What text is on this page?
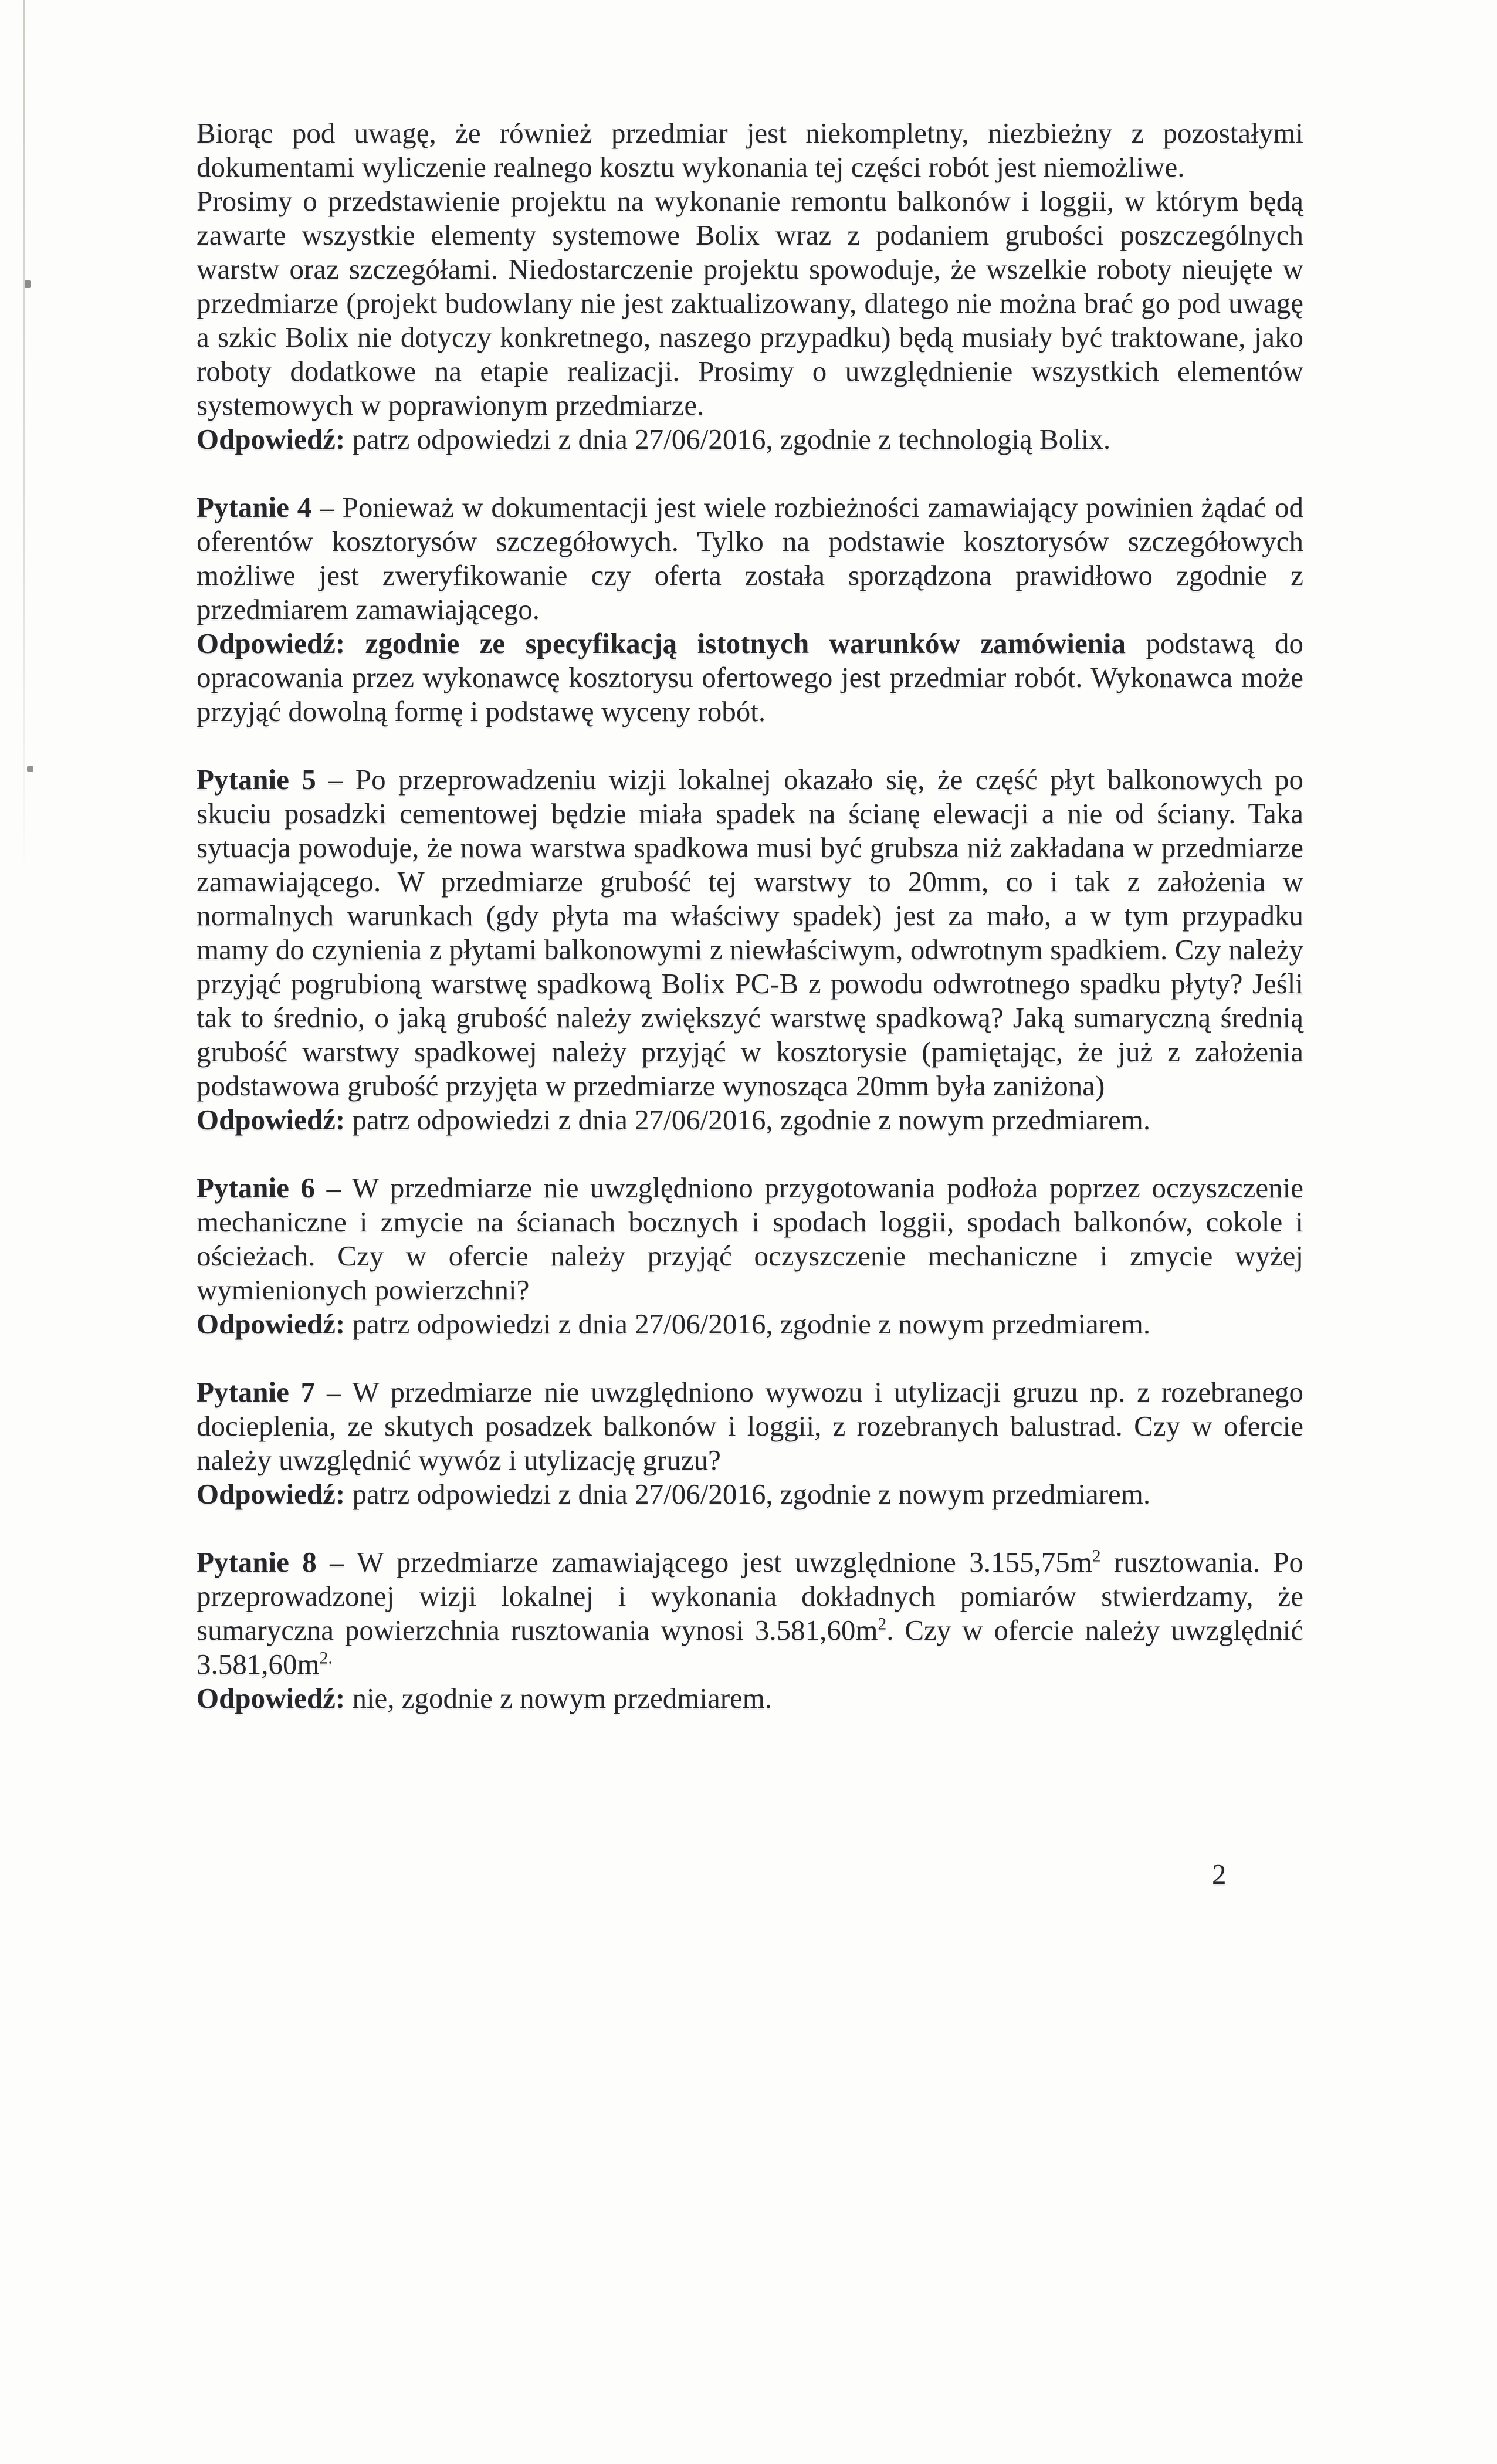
Biorąc pod uwagę, że również przedmiar jest niekompletny, niezbieżny z pozostałymi dokumentami wyliczenie realnego kosztu wykonania tej części robót jest niemożliwe.

Prosimy o przedstawienie projektu na wykonanie remontu balkonów i loggii, w którym będą zawarte wszystkie elementy systemowe Bolix wraz z podaniem grubości poszczególnych warstw oraz szczegółami. Niedostarczenie projektu spowoduje, że wszelkie roboty nieujęte w przedmiarze (projekt budowlany nie jest zaktualizowany, dlatego nie można brać go pod uwagę a szkic Bolix nie dotyczy konkretnego, naszego przypadku) będą musiały być traktowane, jako roboty dodatkowe na etapie realizacji. Prosimy o uwzględnienie wszystkich elementów systemowych w poprawionym przedmiarze.

Odpowiedź: patrz odpowiedzi z dnia 27/06/2016, zgodnie z technologią Bolix.

Pytanie 4 – Ponieważ w dokumentacji jest wiele rozbieżności zamawiający powinien żądać od oferentów kosztorysów szczegółowych. Tylko na podstawie kosztorysów szczegółowych możliwe jest zweryfikowanie czy oferta została sporządzona prawidłowo zgodnie z przedmiarem zamawiającego.

Odpowiedź: zgodnie ze specyfikacją istotnych warunków zamówienia podstawą do opracowania przez wykonawcę kosztorysu ofertowego jest przedmiar robót. Wykonawca może przyjąć dowolną formę i podstawę wyceny robót.

Pytanie 5 – Po przeprowadzeniu wizji lokalnej okazało się, że część płyt balkonowych po skuciu posadzki cementowej będzie miała spadek na ścianę elewacji a nie od ściany. Taka sytuacja powoduje, że nowa warstwa spadkowa musi być grubsza niż zakładana w przedmiarze zamawiającego. W przedmiarze grubość tej warstwy to 20mm, co i tak z założenia w normalnych warunkach (gdy płyta ma właściwy spadek) jest za mało, a w tym przypadku mamy do czynienia z płytami balkonowymi z niewłaściwym, odwrotnym spadkiem. Czy należy przyjąć pogrubioną warstwę spadkową Bolix PC-B z powodu odwrotnego spadku płyty? Jeśli tak to średnio, o jaką grubość należy zwiększyć warstwę spadkową? Jaką sumaryczną średnią grubość warstwy spadkowej należy przyjąć w kosztorysie (pamiętając, że już z założenia podstawowa grubość przyjęta w przedmiarze wynosząca 20mm była zaniżona)

Odpowiedź: patrz odpowiedzi z dnia 27/06/2016, zgodnie z nowym przedmiarem.

Pytanie 6 – W przedmiarze nie uwzględniono przygotowania podłoża poprzez oczyszczenie mechaniczne i zmycie na ścianach bocznych i spodach loggii, spodach balkonów, cokole i ościeżach. Czy w ofercie należy przyjąć oczyszczenie mechaniczne i zmycie wyżej wymienionych powierzchni?

Odpowiedź: patrz odpowiedzi z dnia 27/06/2016, zgodnie z nowym przedmiarem.

Pytanie 7 – W przedmiarze nie uwzględniono wywozu i utylizacji gruzu np. z rozebranego docieplenia, ze skutych posadzek balkonów i loggii, z rozebranych balustrad. Czy w ofercie należy uwzględnić wywóz i utylizację gruzu?

Odpowiedź: patrz odpowiedzi z dnia 27/06/2016, zgodnie z nowym przedmiarem.

Pytanie 8 – W przedmiarze zamawiającego jest uwzględnione $3.155,75m^2$ rusztowania. Po przeprowadzonej wizji lokalnej i wykonania dokładnych pomiarów stwierdzamy, że sumaryczna powierzchnia rusztowania wynosi $3.581,60m^2$. Czy w ofercie należy uwzględnić $3.581,60m^{2.}$

Odpowiedź: nie, zgodnie z nowym przedmiarem.

2
